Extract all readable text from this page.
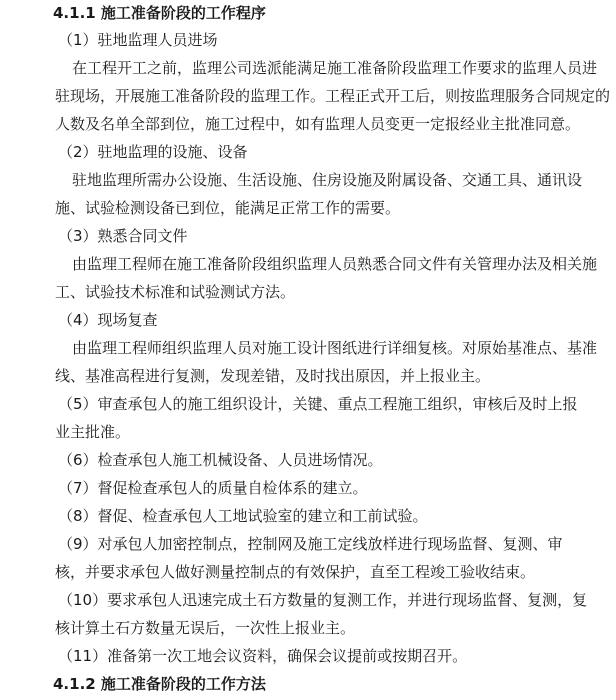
4.1.1 施工准备阶段的工作程序
（1）驻地监理人员进场
在工程开工之前，监理公司选派能满足施工准备阶段监理工作要求的监理人员进
驻现场，开展施工准备阶段的监理工作。工程正式开工后，则按监理服务合同规定的
人数及名单全部到位，施工过程中，如有监理人员变更一定报经业主批准同意。
（2）驻地监理的设施、设备
驻地监理所需办公设施、生活设施、住房设施及附属设备、交通工具、通讯设
施、试验检测设备已到位，能满足正常工作的需要。
（3）熟悉合同文件
由监理工程师在施工准备阶段组织监理人员熟悉合同文件有关管理办法及相关施
工、试验技术标准和试验测试方法。
（4）现场复查
由监理工程师组织监理人员对施工设计图纸进行详细复核。对原始基准点、基准
线、基准高程进行复测，发现差错，及时找出原因，并上报业主。
（5）审查承包人的施工组织设计，关键、重点工程施工组织，审核后及时上报
业主批准。
（6）检查承包人施工机械设备、人员进场情况。
（7）督促检查承包人的质量自检体系的建立。
（8）督促、检查承包人工地试验室的建立和工前试验。
（9）对承包人加密控制点，控制网及施工定线放样进行现场监督、复测、审
核，并要求承包人做好测量控制点的有效保护，直至工程竣工验收结束。
（10）要求承包人迅速完成土石方数量的复测工作，并进行现场监督、复测，复
核计算土石方数量无误后，一次性上报业主。
（11）准备第一次工地会议资料，确保会议提前或按期召开。
4.1.2 施工准备阶段的工作方法
